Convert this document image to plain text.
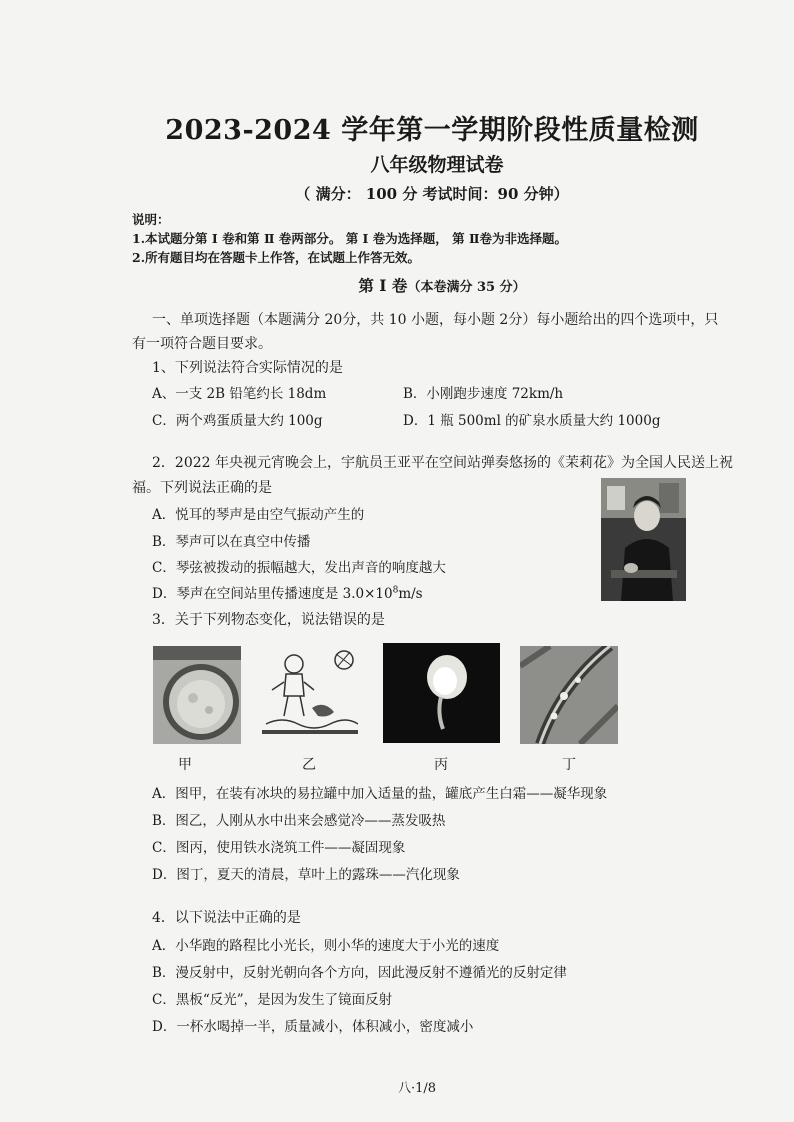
2023-2024 学年第一学期阶段性质量检测
八年级物理试卷
（ 满分： 100 分 考试时间：90 分钟）
说明：
1.本试题分第 Ⅰ 卷和第 Ⅱ 卷两部分。 第 Ⅰ 卷为选择题， 第 Ⅱ卷为非选择题。
2.所有题目均在答题卡上作答，在试题上作答无效。
第 Ⅰ 卷（本卷满分 35 分）
一、单项选择题（本题满分 20分，共 10 小题，每小题 2分）每小题给出的四个选项中，只
有一项符合题目要求。
1、下列说法符合实际情况的是
A、一支 2B 铅笔约长 18dm	B．小刚跑步速度 72km/h
C．两个鸡蛋质量大约 100g	D．1 瓶 500ml 的矿泉水质量大约 1000g
2．2022 年央视元宵晚会上，宇航员王亚平在空间站弹奏悠扬的《茉莉花》为全国人民送上祝
福。下列说法正确的是
A．悦耳的琴声是由空气振动产生的
B．琴声可以在真空中传播
C．琴弦被拨动的振幅越大，发出声音的响度越大
D．琴声在空间站里传播速度是 $3.0\times 10^8m/s$
3．关于下列物态变化，说法错误的是
甲	乙	丙	丁
A．图甲，在装有冰块的易拉罐中加入适量的盐，罐底产生白霜——凝华现象
B．图乙，人刚从水中出来会感觉冷——蒸发吸热
C．图丙，使用铁水浇筑工件——凝固现象
D．图丁，夏天的清晨，草叶上的露珠——汽化现象
4．以下说法中正确的是
A．小华跑的路程比小光长，则小华的速度大于小光的速度
B．漫反射中，反射光朝向各个方向，因此漫反射不遵循光的反射定律
C．黑板“反光”，是因为发生了镜面反射
D．一杯水喝掉一半，质量减小，体积减小，密度减小
八·1/8
